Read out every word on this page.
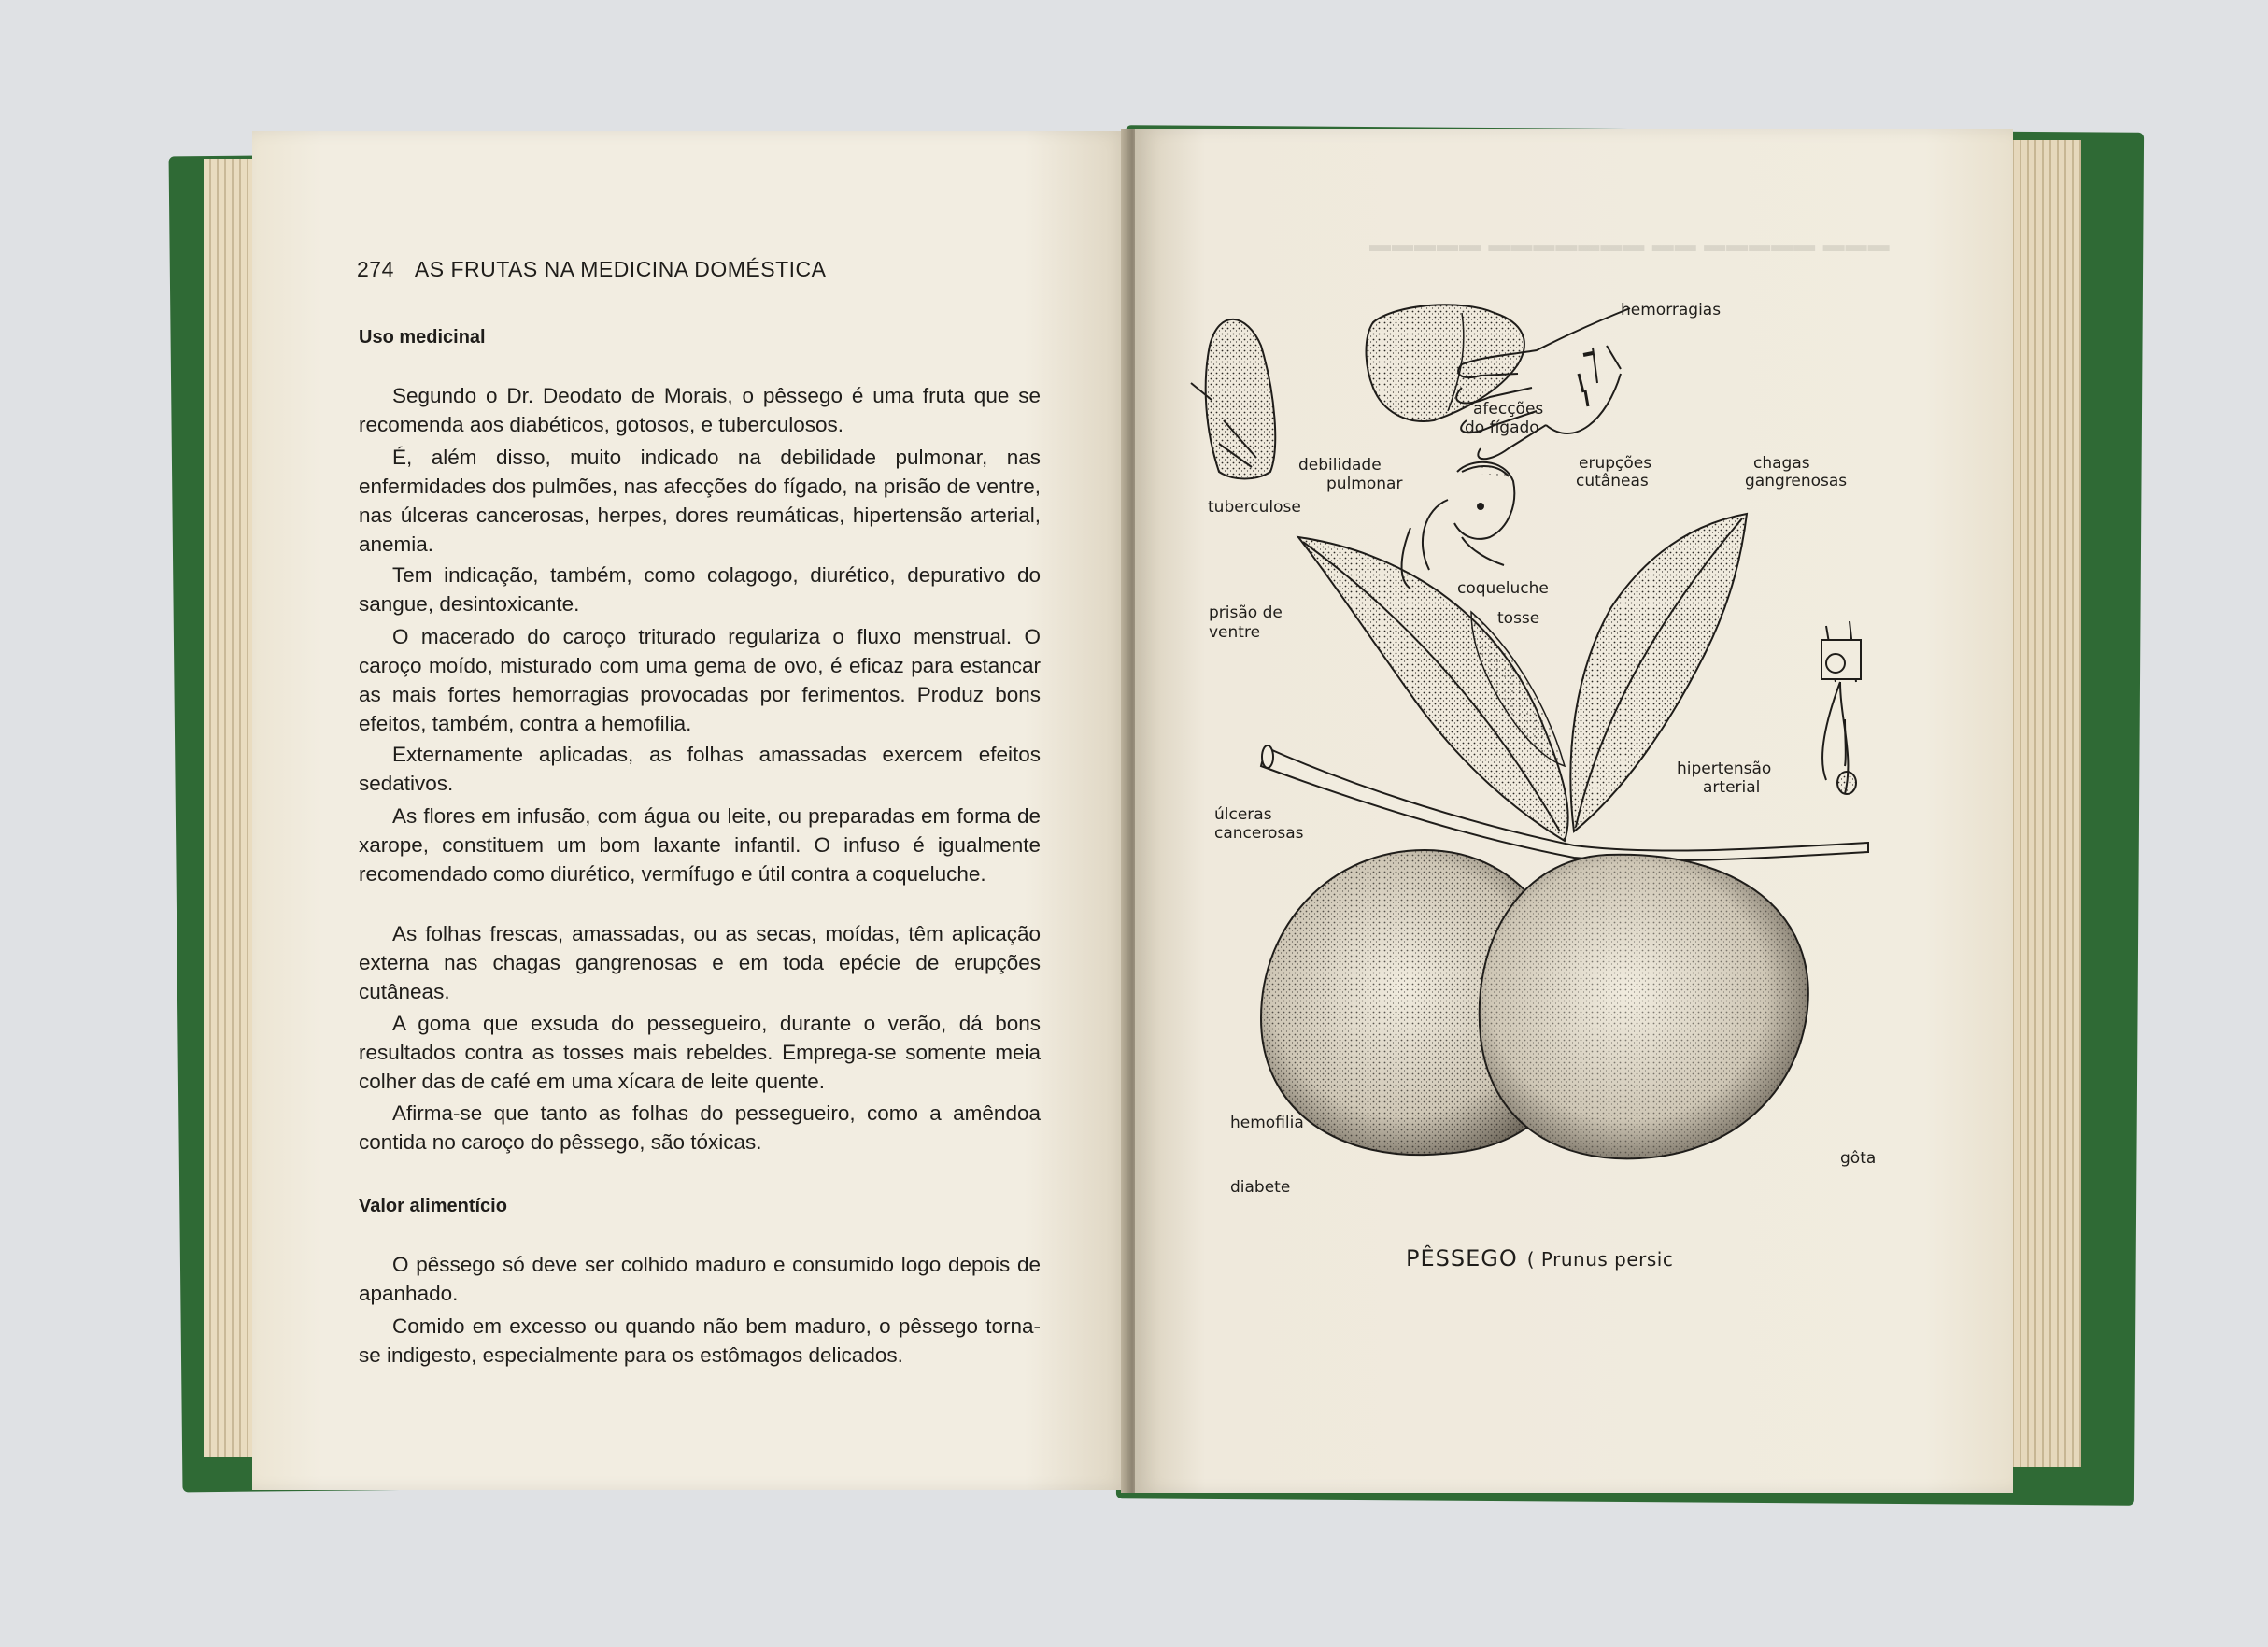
274 AS FRUTAS NA MEDICINA DOMÉSTICA
Uso medicinal
Segundo o Dr. Deodato de Morais, o pêssego é uma fruta que se recomenda aos diabéticos, gotosos, e tuberculosos.
É, além disso, muito indicado na debilidade pulmonar, nas enfermidades dos pulmões, nas afecções do fígado, na prisão de ventre, nas úlceras cancerosas, herpes, dores reumáticas, hipertensão arterial, anemia.
Tem indicação, também, como colagogo, diurético, depurativo do sangue, desintoxicante.
O macerado do caroço triturado regulariza o fluxo menstrual. O caroço moído, misturado com uma gema de ovo, é eficaz para estancar as mais fortes hemorragias provocadas por ferimentos. Produz bons efeitos, também, contra a hemofilia.
Externamente aplicadas, as folhas amassadas exercem efeitos sedativos.
As flores em infusão, com água ou leite, ou preparadas em forma de xarope, constituem um bom laxante infantil. O infuso é igualmente recomendado como diurético, vermífugo e útil contra a coqueluche.
As folhas frescas, amassadas, ou as secas, moídas, têm aplicação externa nas chagas gangrenosas e em toda epécie de erupções cutâneas.
A goma que exsuda do pessegueiro, durante o verão, dá bons resultados contra as tosses mais rebeldes. Emprega-se somente meia colher das de café em uma xícara de leite quente.
Afirma-se que tanto as folhas do pessegueiro, como a amêndoa contida no caroço do pêssego, são tóxicas.
Valor alimentício
O pêssego só deve ser colhido maduro e consumido logo depois de apanhado.
Comido em excesso ou quando não bem maduro, o pêssego torna-se indigesto, especialmente para os estômagos delicados.
▬▬▬ ▬▬▬▬▬ ▬▬ ▬▬▬▬▬▬▬ ▬▬▬▬▬
hemorragias
afecções
do fígado
debilidade
pulmonar
erupções
cutâneas
chagas
gangrenosas
tuberculose
coqueluche
tosse
prisão de
ventre
hipertensão
arterial
úlceras
cancerosas
hemofilia
gôta
diabete
PÊSSEGO ( Prunus persic
